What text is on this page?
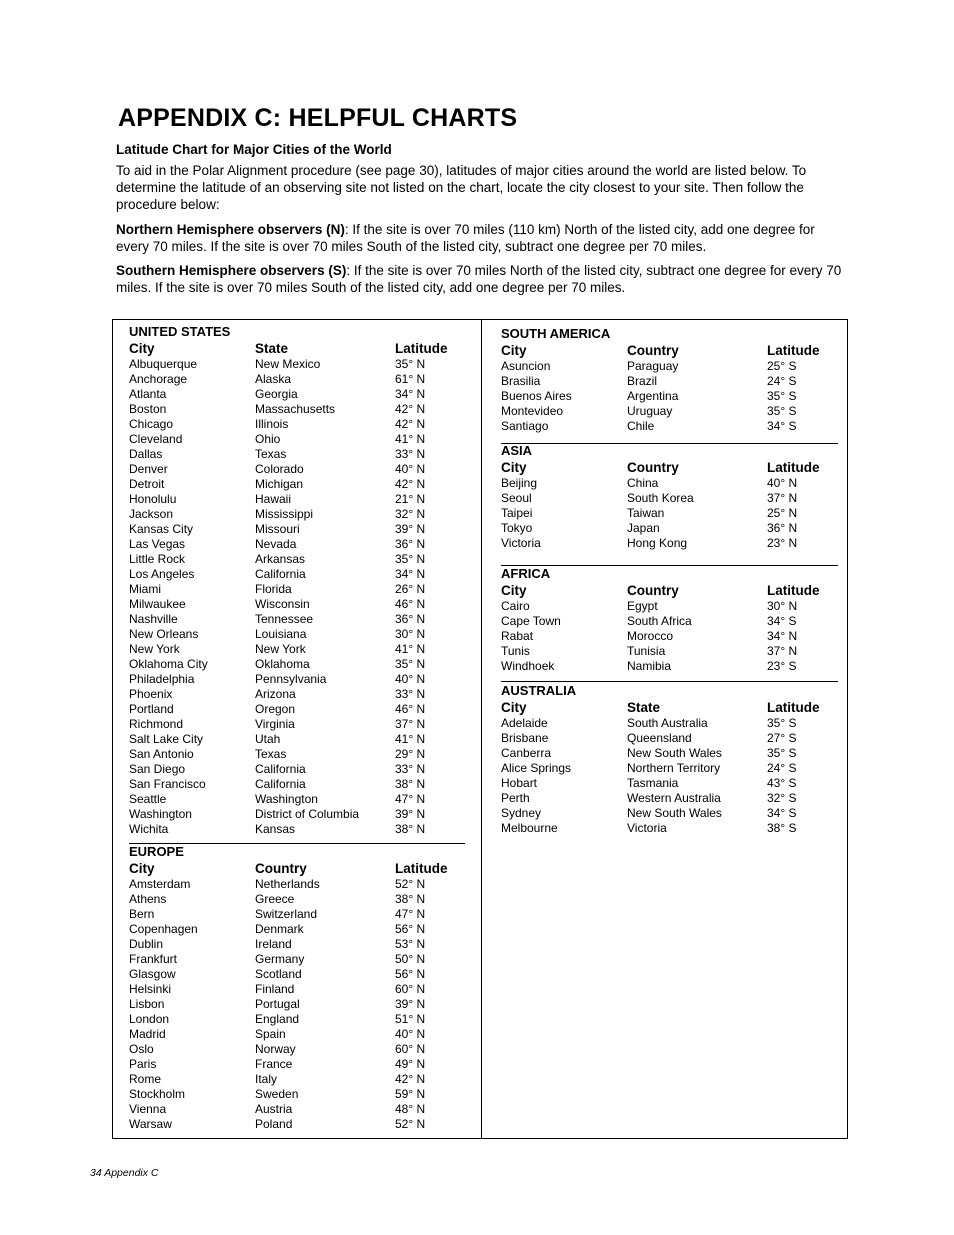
APPENDIX C: HELPFUL CHARTS
Latitude Chart for Major Cities of the World

To aid in the Polar Alignment procedure (see page 30), latitudes of major cities around the world are listed below. To determine the latitude of an observing site not listed on the chart, locate the city closest to your site. Then follow the procedure below:

Northern Hemisphere observers (N): If the site is over 70 miles (110 km) North of the listed city, add one degree for every 70 miles. If the site is over 70 miles South of the listed city, subtract one degree per 70 miles.

Southern Hemisphere observers (S): If the site is over 70 miles North of the listed city, subtract one degree for every 70 miles. If the site is over 70 miles South of the listed city, add one degree per 70 miles.

UNITED STATES
City	State	Latitude
Albuquerque	New Mexico	35° N
Anchorage	Alaska	61° N
Atlanta	Georgia	34° N
Boston	Massachusetts	42° N
Chicago	Illinois	42° N
Cleveland	Ohio	41° N
Dallas	Texas	33° N
Denver	Colorado	40° N
Detroit	Michigan	42° N
Honolulu	Hawaii	21° N
Jackson	Mississippi	32° N
Kansas City	Missouri	39° N
Las Vegas	Nevada	36° N
Little Rock	Arkansas	35° N
Los Angeles	California	34° N
Miami	Florida	26° N
Milwaukee	Wisconsin	46° N
Nashville	Tennessee	36° N
New Orleans	Louisiana	30° N
New York	New York	41° N
Oklahoma City	Oklahoma	35° N
Philadelphia	Pennsylvania	40° N
Phoenix	Arizona	33° N
Portland	Oregon	46° N
Richmond	Virginia	37° N
Salt Lake City	Utah	41° N
San Antonio	Texas	29° N
San Diego	California	33° N
San Francisco	California	38° N
Seattle	Washington	47° N
Washington	District of Columbia	39° N
Wichita	Kansas	38° N
EUROPE
City	Country	Latitude
Amsterdam	Netherlands	52° N
Athens	Greece	38° N
Bern	Switzerland	47° N
Copenhagen	Denmark	56° N
Dublin	Ireland	53° N
Frankfurt	Germany	50° N
Glasgow	Scotland	56° N
Helsinki	Finland	60° N
Lisbon	Portugal	39° N
London	England	51° N
Madrid	Spain	40° N
Oslo	Norway	60° N
Paris	France	49° N
Rome	Italy	42° N
Stockholm	Sweden	59° N
Vienna	Austria	48° N
Warsaw	Poland	52° N
SOUTH AMERICA
City	Country	Latitude
Asuncion	Paraguay	25° S
Brasilia	Brazil	24° S
Buenos Aires	Argentina	35° S
Montevideo	Uruguay	35° S
Santiago	Chile	34° S
ASIA
City	Country	Latitude
Beijing	China	40° N
Seoul	South Korea	37° N
Taipei	Taiwan	25° N
Tokyo	Japan	36° N
Victoria	Hong Kong	23° N
AFRICA
City	Country	Latitude
Cairo	Egypt	30° N
Cape Town	South Africa	34° S
Rabat	Morocco	34° N
Tunis	Tunisia	37° N
Windhoek	Namibia	23° S
AUSTRALIA
City	State	Latitude
Adelaide	South Australia	35° S
Brisbane	Queensland	27° S
Canberra	New South Wales	35° S
Alice Springs	Northern Territory	24° S
Hobart	Tasmania	43° S
Perth	Western Australia	32° S
Sydney	New South Wales	34° S
Melbourne	Victoria	38° S
34 Appendix C
